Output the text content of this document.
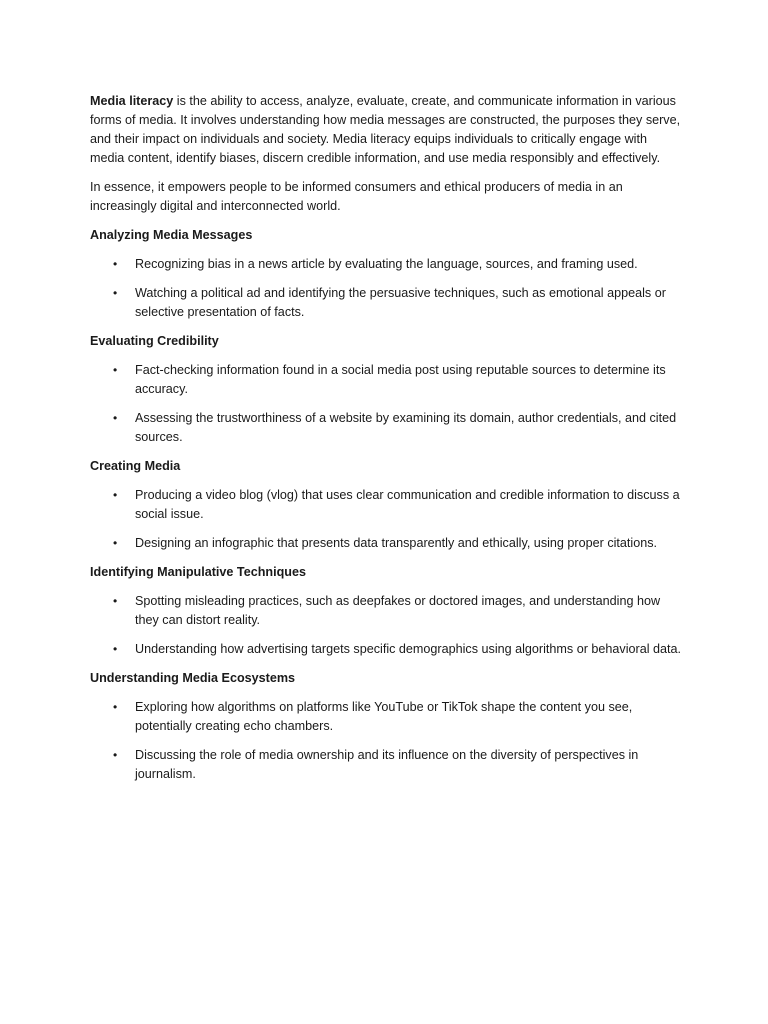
Media literacy is the ability to access, analyze, evaluate, create, and communicate information in various forms of media. It involves understanding how media messages are constructed, the purposes they serve, and their impact on individuals and society. Media literacy equips individuals to critically engage with media content, identify biases, discern credible information, and use media responsibly and effectively.

In essence, it empowers people to be informed consumers and ethical producers of media in an increasingly digital and interconnected world.

Analyzing Media Messages
• Recognizing bias in a news article by evaluating the language, sources, and framing used.
• Watching a political ad and identifying the persuasive techniques, such as emotional appeals or selective presentation of facts.
Evaluating Credibility
• Fact-checking information found in a social media post using reputable sources to determine its accuracy.
• Assessing the trustworthiness of a website by examining its domain, author credentials, and cited sources.
Creating Media
• Producing a video blog (vlog) that uses clear communication and credible information to discuss a social issue.
• Designing an infographic that presents data transparently and ethically, using proper citations.
Identifying Manipulative Techniques
• Spotting misleading practices, such as deepfakes or doctored images, and understanding how they can distort reality.
• Understanding how advertising targets specific demographics using algorithms or behavioral data.
Understanding Media Ecosystems
• Exploring how algorithms on platforms like YouTube or TikTok shape the content you see, potentially creating echo chambers.
• Discussing the role of media ownership and its influence on the diversity of perspectives in journalism.
